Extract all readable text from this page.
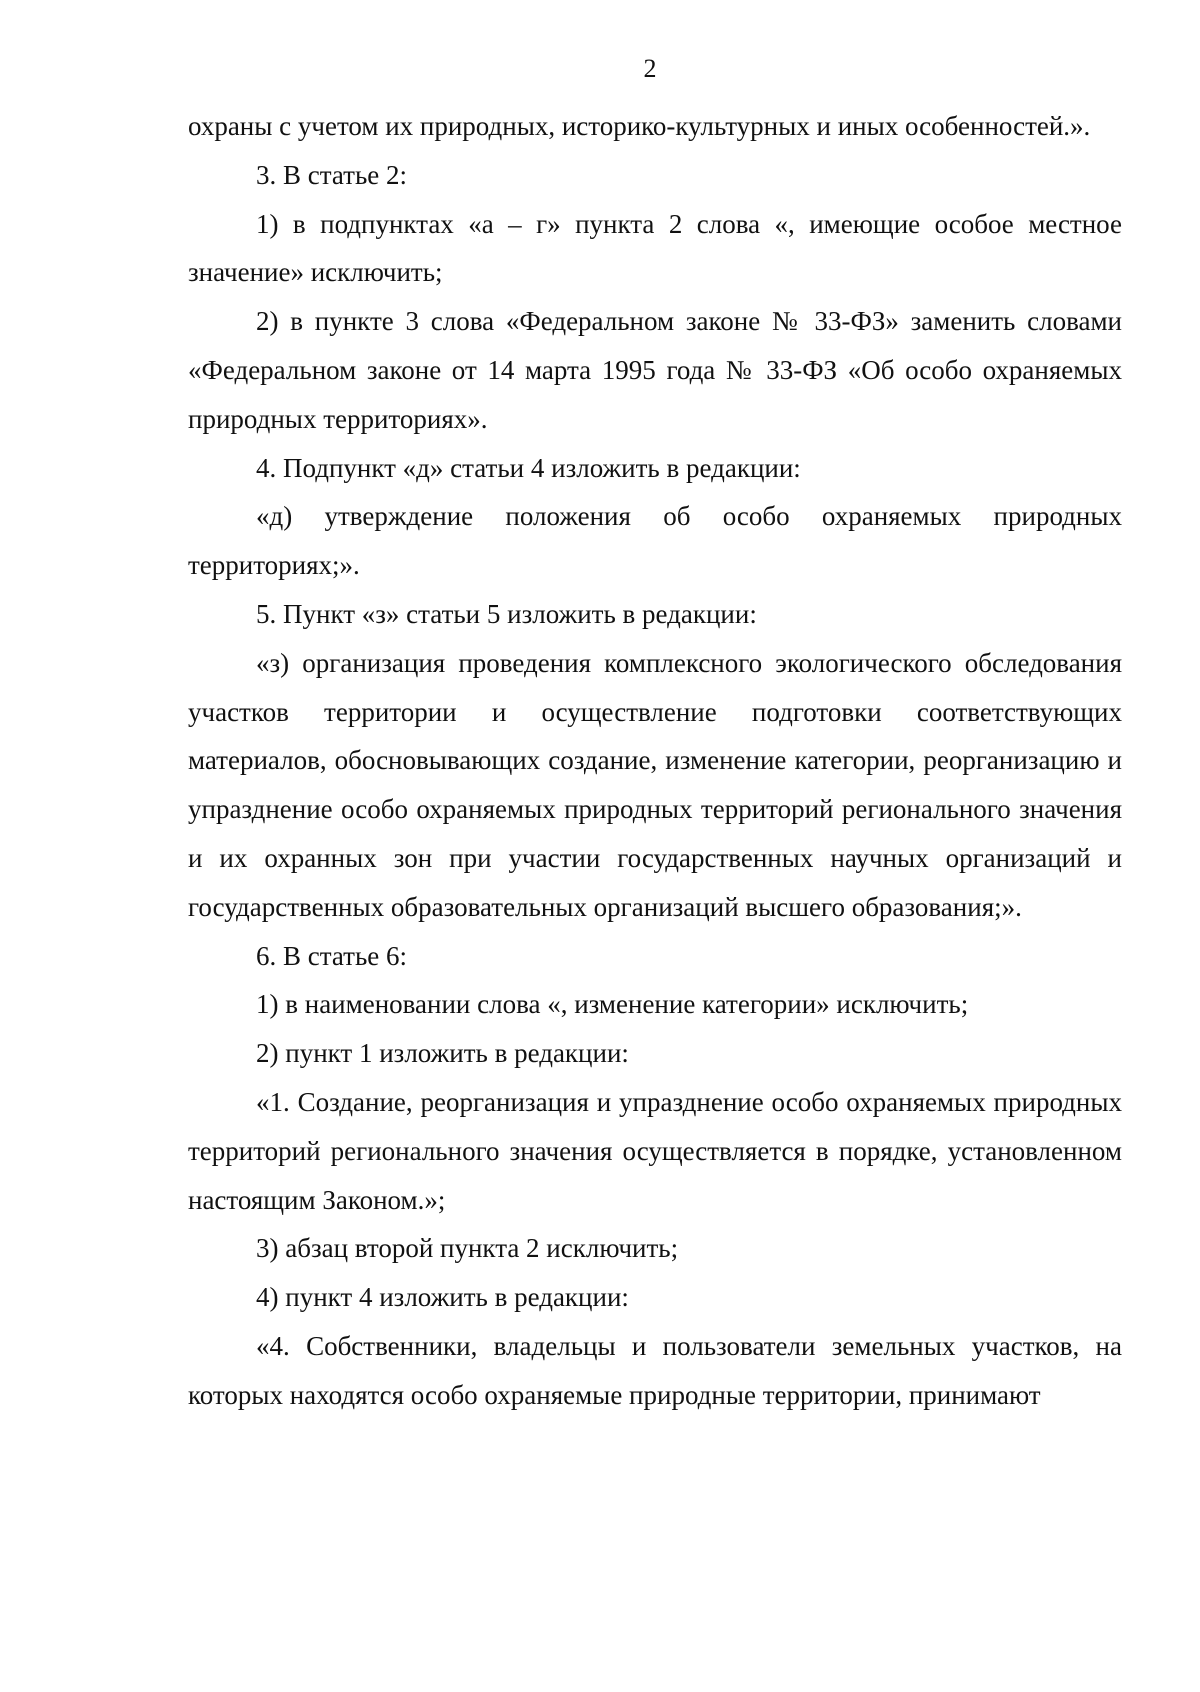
2

охраны с учетом их природных, историко-культурных и иных особенностей.».

3. В статье 2:

1) в подпунктах «а – г» пункта 2 слова «, имеющие особое местное значение» исключить;

2) в пункте 3 слова «Федеральном законе № 33-ФЗ» заменить словами «Федеральном законе от 14 марта 1995 года № 33-ФЗ «Об особо охраняемых природных территориях».

4. Подпункт «д» статьи 4 изложить в редакции:

«д) утверждение положения об особо охраняемых природных территориях;».

5. Пункт «з» статьи 5 изложить в редакции:

«з) организация проведения комплексного экологического обследования участков территории и осуществление подготовки соответствующих материалов, обосновывающих создание, изменение категории, реорганизацию и упразднение особо охраняемых природных территорий регионального значения и их охранных зон при участии государственных научных организаций и государственных образовательных организаций высшего образования;».

6. В статье 6:

1) в наименовании слова «, изменение категории» исключить;

2) пункт 1 изложить в редакции:

«1. Создание, реорганизация и упразднение особо охраняемых природных территорий регионального значения осуществляется в порядке, установленном настоящим Законом.»;

3) абзац второй пункта 2 исключить;

4) пункт 4 изложить в редакции:

«4. Собственники, владельцы и пользователи земельных участков, на которых находятся особо охраняемые природные территории, принимают
